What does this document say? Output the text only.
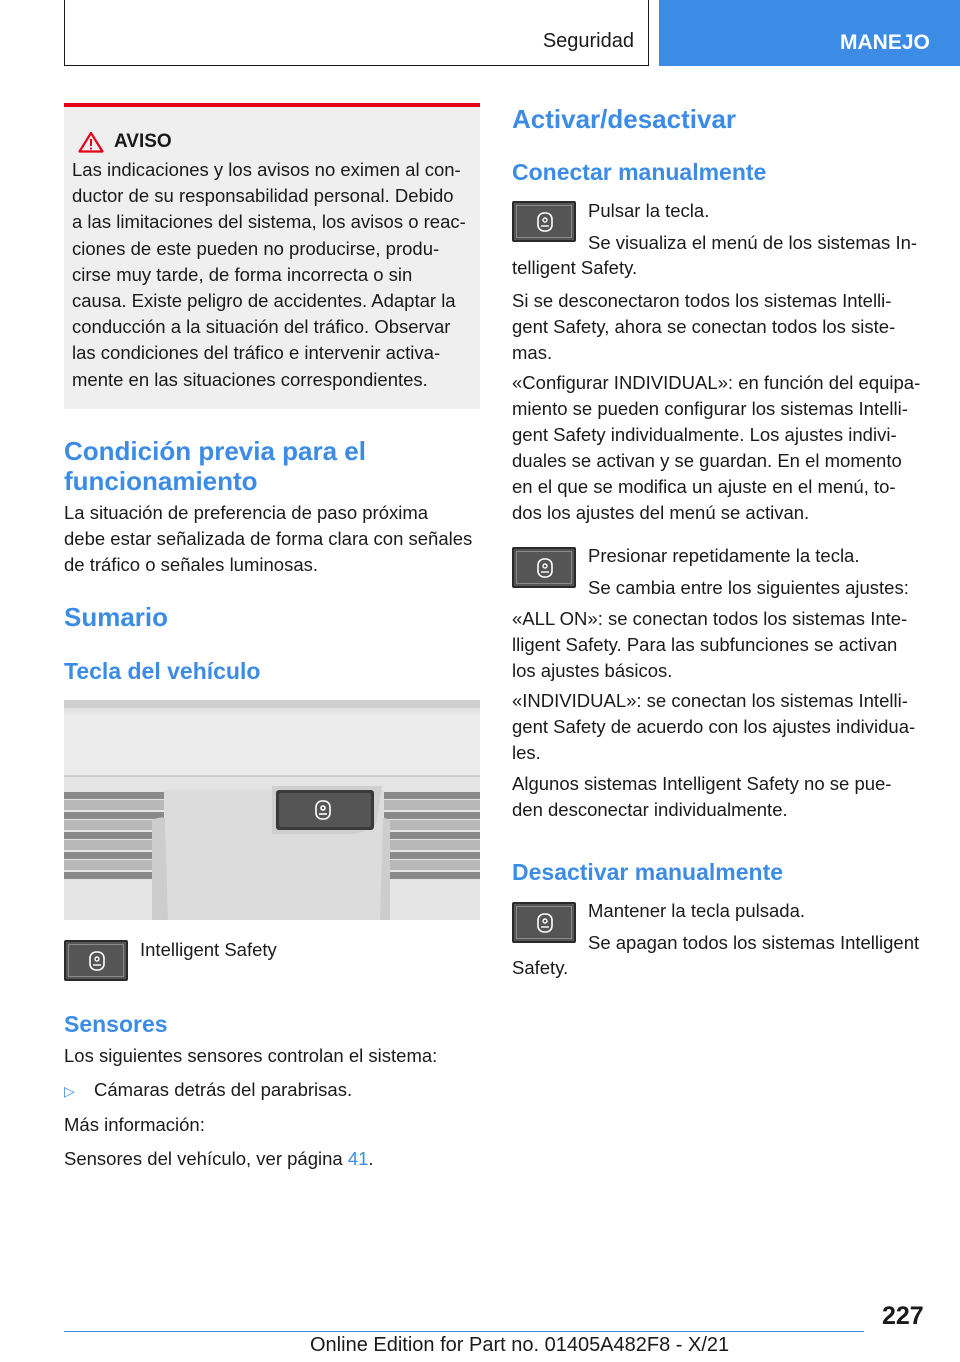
Seguridad	MANEJO
AVISO

Las indicaciones y los avisos no eximen al con-

ductor de su responsabilidad personal. Debido

a las limitaciones del sistema, los avisos o reac-

ciones de este pueden no producirse, produ-

cirse muy tarde, de forma incorrecta o sin

causa. Existe peligro de accidentes. Adaptar la

conducción a la situación del tráfico. Observar

las condiciones del tráfico e intervenir activa-

mente en las situaciones correspondientes.

Condición previa para el
funcionamiento

La situación de preferencia de paso próxima

debe estar señalizada de forma clara con señales

de tráfico o señales luminosas.

Sumario
Tecla del vehículo

Intelligent Safety

Sensores

Los siguientes sensores controlan el sistema:

▷ Cámaras detrás del parabrisas.

Más información:

Sensores del vehículo, ver página 41.

Activar/desactivar
Conectar manualmente

Pulsar la tecla.

Se visualiza el menú de los sistemas In-

telligent Safety.

Si se desconectaron todos los sistemas Intelli-

gent Safety, ahora se conectan todos los siste-

mas.

«Configurar INDIVIDUAL»: en función del equipa-

miento se pueden configurar los sistemas Intelli-

gent Safety individualmente. Los ajustes indivi-

duales se activan y se guardan. En el momento

en el que se modifica un ajuste en el menú, to-

dos los ajustes del menú se activan.

Presionar repetidamente la tecla.

Se cambia entre los siguientes ajustes:

«ALL ON»: se conectan todos los sistemas Inte-

lligent Safety. Para las subfunciones se activan

los ajustes básicos.

«INDIVIDUAL»: se conectan los sistemas Intelli-

gent Safety de acuerdo con los ajustes individua-

les.

Algunos sistemas Intelligent Safety no se pue-

den desconectar individualmente.

Desactivar manualmente

Mantener la tecla pulsada.

Se apagan todos los sistemas Intelligent

Safety.

227
Online Edition for Part no. 01405A482F8 - X/21
